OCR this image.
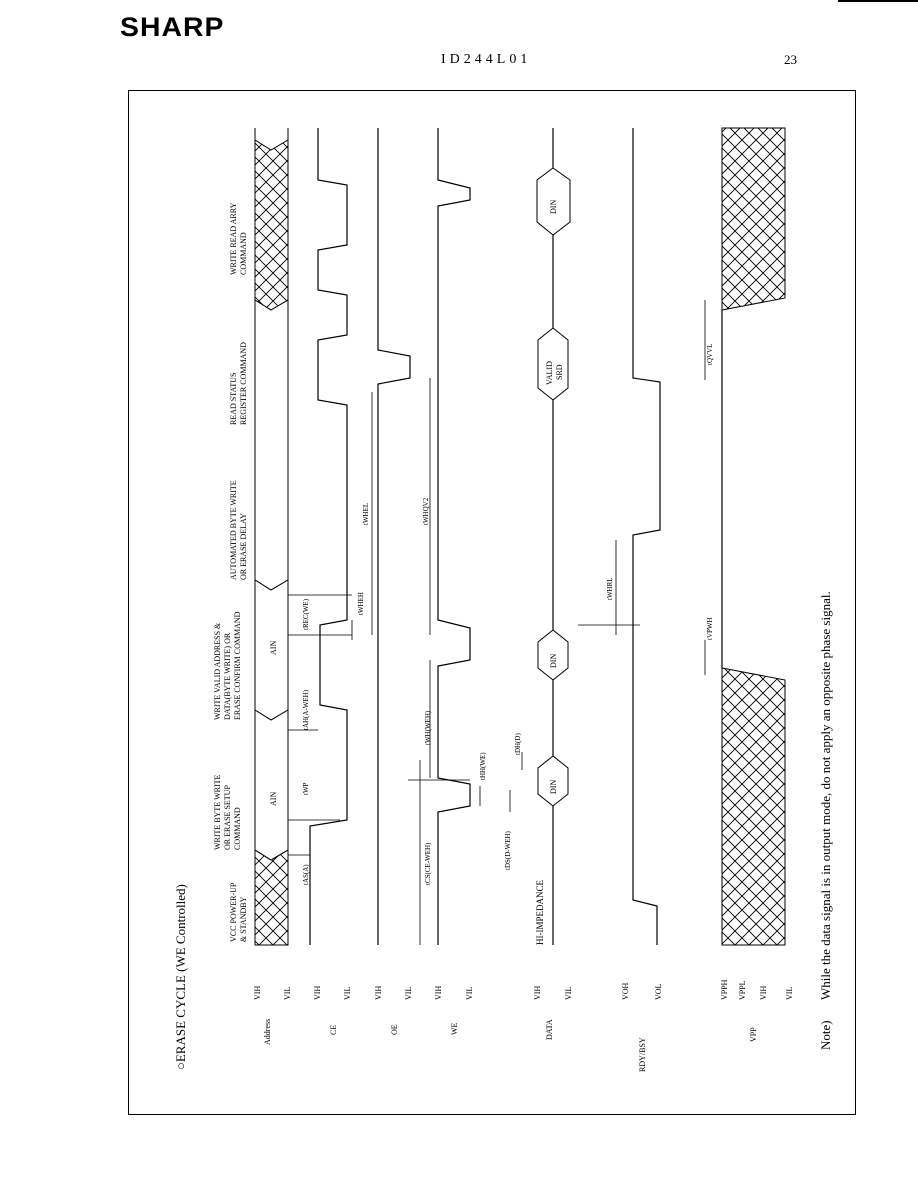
SHARP
ID244L01	23
VIH	VIL	VIH	VIL	VIH	VIL	VIH	VIL	VIH	VIL	VOH	VOL	VPPH VPPL VIH VIL
○ERASE CYCLE (WE Controlled)	Address	CE	OE	WE	DATA
RDY/BSY
VPP
VCC POWER-UP & STANDBY
WRITE BYTE WRITE OR ERASE SETUP COMMAND
WRITE VALID ADDRESS & DATA(BYTE WRITE) OR ERASE CONFIRM COMMAND
AUTOMATED BYTE WRITE OR ERASE DELAY
READ STATUS REGISTER COMMAND
WRITE READ ARRY COMMAND
AIN
AIN
DIN
DIN
DIN
VALID SRD
HI-IMPEDANCE
tAS(A)
tAH(A-WEH)
tCS(CE-WEH)
tWP
tDS(D-WEH)
tDH(D)
tWH(WEH)
tHH(WE)
tREC(WE)	tWHEH
tWHEL	tWHQV2
tWHRL
tVPWH
tQVVL
Note)
While the data signal is in output mode, do not apply an opposite phase signal.
